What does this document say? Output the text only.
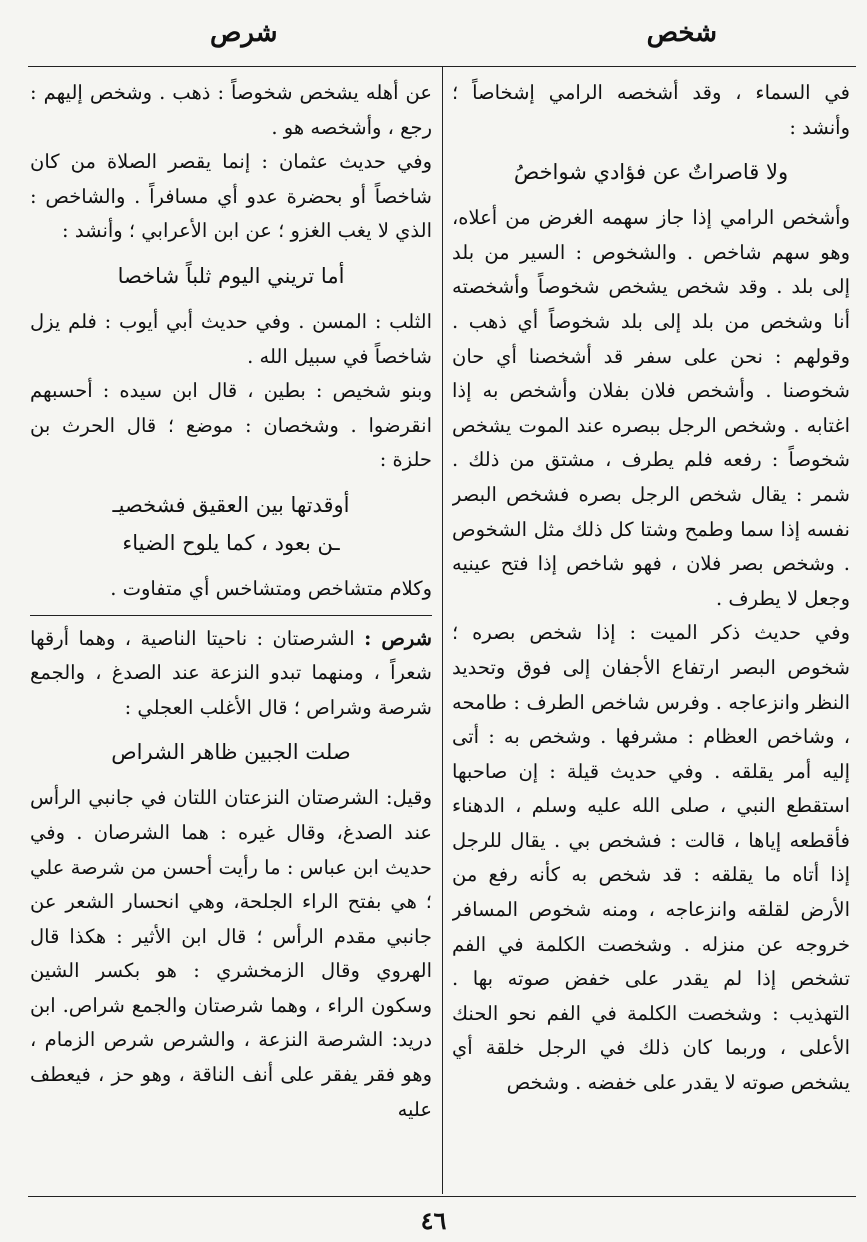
شخص
شرص

في السماء ، وقد أشخصه الرامي إشخاصاً ؛ وأنشد :

ولا قاصراتٌ عن فؤادي شواخصُ

وأشخص الرامي إذا جاز سهمه الغرض من أعلاه، وهو سهم شاخص . والشخوص : السير من بلد إلى بلد . وقد شخص يشخص شخوصاً وأشخصته أنا وشخص من بلد إلى بلد شخوصاً أي ذهب . وقولهم : نحن على سفر قد أشخصنا أي حان شخوصنا . وأشخص فلان بفلان وأشخص به إذا اغتابه . وشخص الرجل ببصره عند الموت يشخص شخوصاً : رفعه فلم يطرف ، مشتق من ذلك . شمر : يقال شخص الرجل بصره فشخص البصر نفسه إذا سما وطمح وشتا كل ذلك مثل الشخوص . وشخص بصر فلان ، فهو شاخص إذا فتح عينيه وجعل لا يطرف .

وفي حديث ذكر الميت : إذا شخص بصره ؛ شخوص البصر ارتفاع الأجفان إلى فوق وتحديد النظر وانزعاجه . وفرس شاخص الطرف : طامحه ، وشاخص العظام : مشرفها . وشخص به : أتى إليه أمر يقلقه . وفي حديث قيلة : إن صاحبها استقطع النبي ، صلى الله عليه وسلم ، الدهناء فأقطعه إياها ، قالت : فشخص بي . يقال للرجل إذا أتاه ما يقلقه : قد شخص به كأنه رفع من الأرض لقلقه وانزعاجه ، ومنه شخوص المسافر خروجه عن منزله . وشخصت الكلمة في الفم تشخص إذا لم يقدر على خفض صوته بها . التهذيب : وشخصت الكلمة في الفم نحو الحنك الأعلى ، وربما كان ذلك في الرجل خلقة أي يشخص صوته لا يقدر على خفضه . وشخص

عن أهله يشخص شخوصاً : ذهب . وشخص إليهم : رجع ، وأشخصه هو .

وفي حديث عثمان : إنما يقصر الصلاة من كان شاخصاً أو بحضرة عدو أي مسافراً . والشاخص : الذي لا يغب الغزو ؛ عن ابن الأعرابي ؛ وأنشد :

أما تريني اليوم ثلباً شاخصا

الثلب : المسن . وفي حديث أبي أيوب : فلم يزل شاخصاً في سبيل الله .

وبنو شخيص : بطين ، قال ابن سيده : أحسبهم انقرضوا . وشخصان : موضع ؛ قال الحرث بن حلزة :

أوقدتها بين العقيق فشخصيـ

ـن بعود ، كما يلوح الضياء

وكلام متشاخص ومتشاخس أي متفاوت .

شرص : الشرصتان : ناحيتا الناصية ، وهما أرقها شعراً ، ومنهما تبدو النزعة عند الصدغ ، والجمع شرصة وشراص ؛ قال الأغلب العجلي :

صلت الجبين ظاهر الشراص

وقيل: الشرصتان النزعتان اللتان في جانبي الرأس عند الصدغ، وقال غيره : هما الشرصان . وفي حديث ابن عباس : ما رأيت أحسن من شرصة علي ؛ هي بفتح الراء الجلحة، وهي انحسار الشعر عن جانبي مقدم الرأس ؛ قال ابن الأثير : هكذا قال الهروي وقال الزمخشري : هو بكسر الشين وسكون الراء ، وهما شرصتان والجمع شراص. ابن دريد: الشرصة النزعة ، والشرص شرص الزمام ، وهو فقر يفقر على أنف الناقة ، وهو حز ، فيعطف عليه

٤٦
